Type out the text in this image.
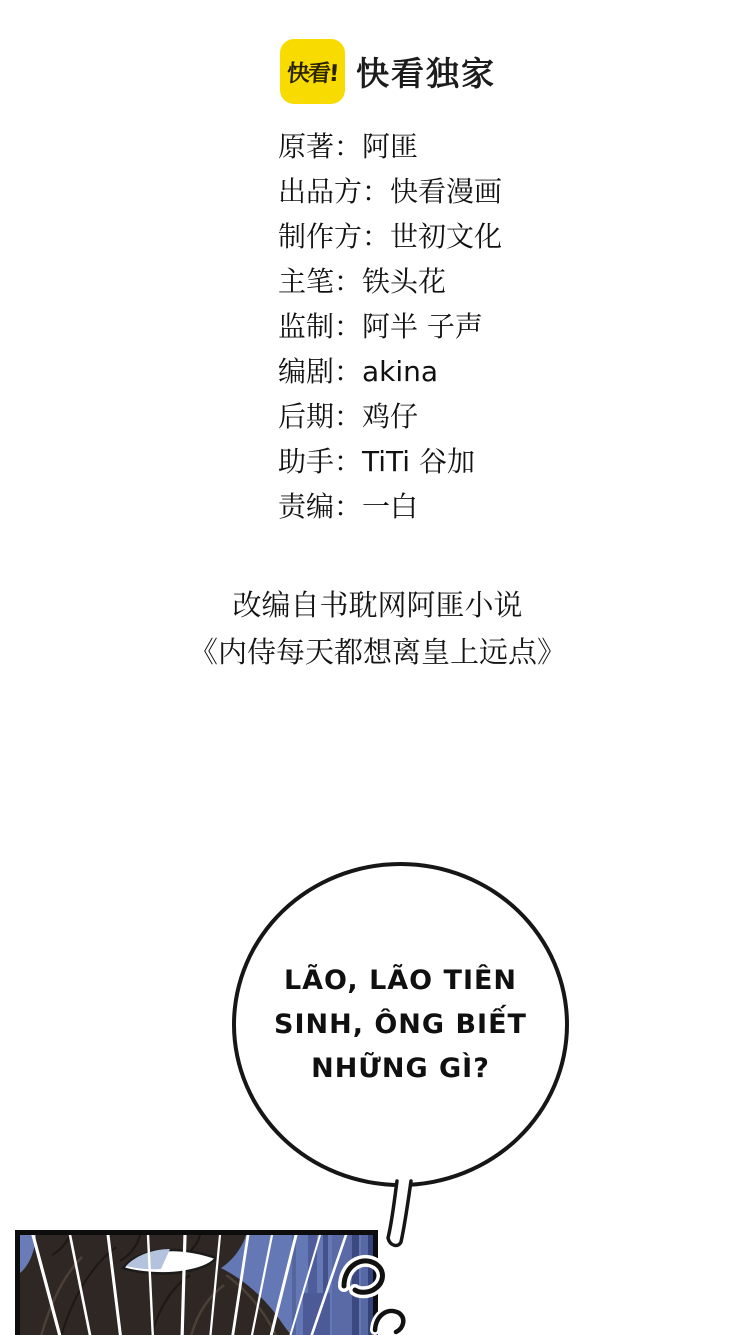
快看! 快看独家
原著：阿匪
出品方：快看漫画
制作方：世初文化
主笔：铁头花
监制：阿半 子声
编剧：akina
后期：鸡仔
助手：TiTi 谷加
责编：一白
改编自书耽网阿匪小说
《内侍每天都想离皇上远点》
LÃO, LÃO TIÊN
SINH, ÔNG BIẾT
NHỮNG GÌ?
